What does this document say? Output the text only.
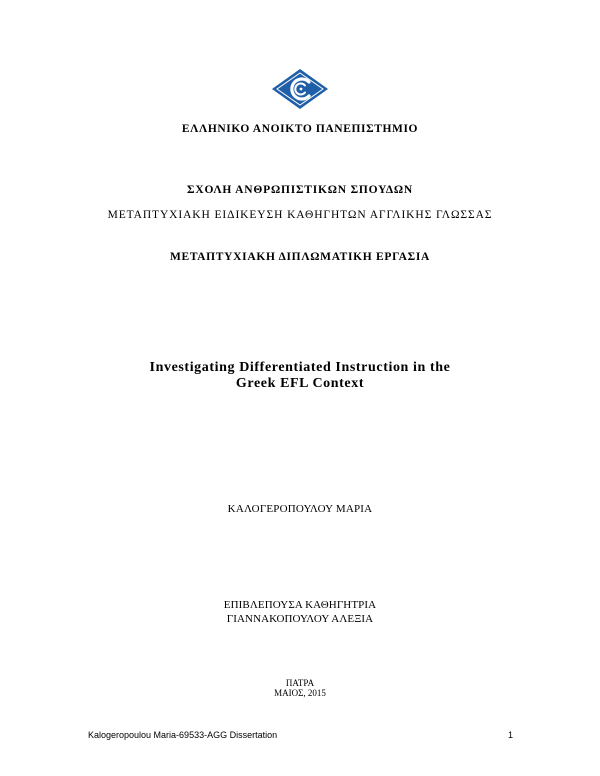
ΕΛΛΗΝΙΚΟ ΑΝΟΙΚΤΟ ΠΑΝΕΠΙΣΤΗΜΙΟ
ΣΧΟΛΗ ΑΝΘΡΩΠΙΣΤΙΚΩΝ ΣΠΟΥΔΩΝ
ΜΕΤΑΠΤΥΧΙΑΚΗ ΕΙΔΙΚΕΥΣΗ ΚΑΘΗΓΗΤΩΝ ΑΓΓΛΙΚΗΣ ΓΛΩΣΣΑΣ
ΜΕΤΑΠΤΥΧΙΑΚΗ ΔΙΠΛΩΜΑΤΙΚΗ ΕΡΓΑΣΙΑ
Investigating Differentiated Instruction in the
Greek EFL Context
ΚΑΛΟΓΕΡΟΠΟΥΛΟΥ ΜΑΡΙΑ
ΕΠΙΒΛΕΠΟΥΣΑ ΚΑΘΗΓΗΤΡΙΑ
ΓΙΑΝΝΑΚΟΠΟΥΛΟΥ ΑΛΕΞΙΑ
ΠΑΤΡΑ
ΜΑΙΟΣ, 2015
Kalogeropoulou Maria-69533-AGG Dissertation	1
